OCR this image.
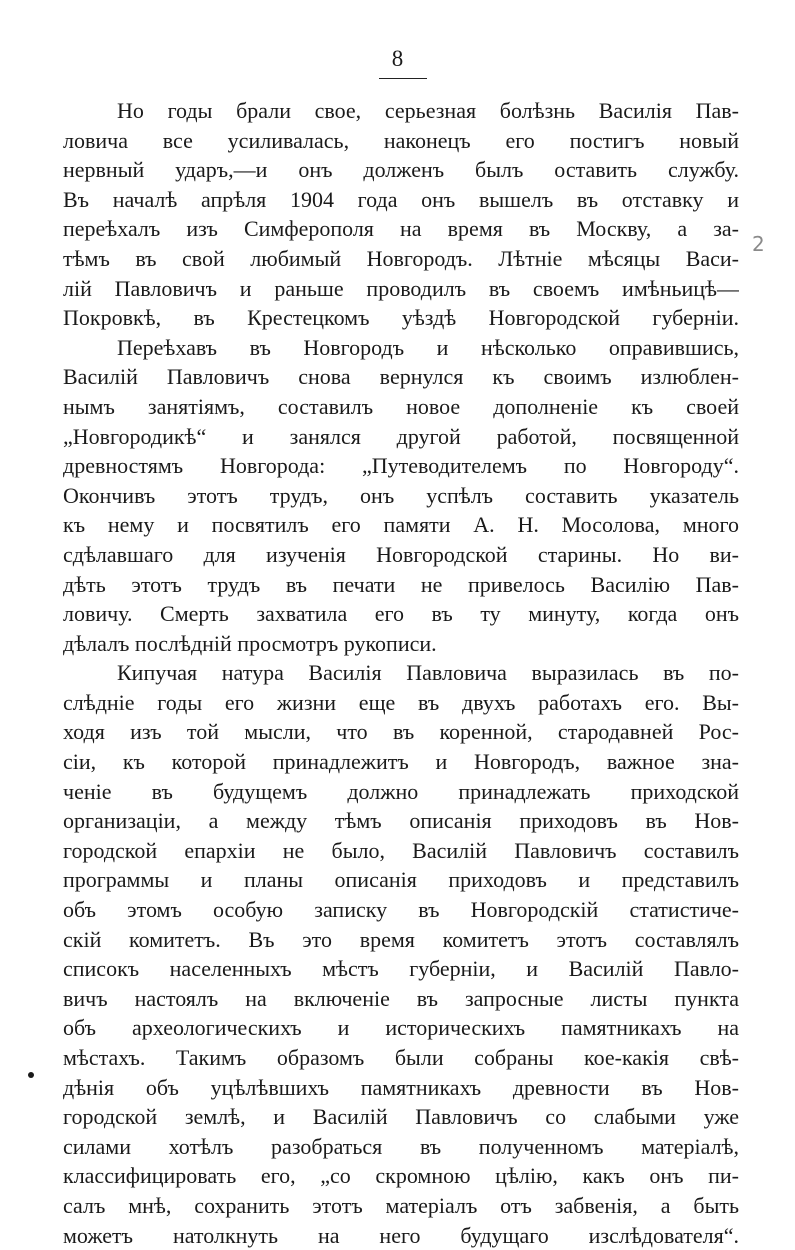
8
2
Но годы брали свое, серьезная болѣзнь Василія Пав-
ловича все усиливалась, наконецъ его постигъ новый
нервный ударъ,—и онъ долженъ былъ оставить службу.
Въ началѣ апрѣля 1904 года онъ вышелъ въ отставку и
переѣхалъ изъ Симферополя на время въ Москву, а за-
тѣмъ въ свой любимый Новгородъ. Лѣтніе мѣсяцы Васи-
лій Павловичъ и раньше проводилъ въ своемъ имѣньицѣ—
Покровкѣ, въ Крестецкомъ уѣздѣ Новгородской губерніи.
Переѣхавъ въ Новгородъ и нѣсколько оправившись,
Василій Павловичъ снова вернулся къ своимъ излюблен-
нымъ занятіямъ, составилъ новое дополненіе къ своей
„Новгородикѣ“ и занялся другой работой, посвященной
древностямъ Новгорода: „Путеводителемъ по Новгороду“.
Окончивъ этотъ трудъ, онъ успѣлъ составить указатель
къ нему и посвятилъ его памяти А. Н. Мосолова, много
сдѣлавшаго для изученія Новгородской старины. Но ви-
дѣть этотъ трудъ въ печати не привелось Василію Пав-
ловичу. Смерть захватила его въ ту минуту, когда онъ
дѣлалъ послѣдній просмотръ рукописи.
Кипучая натура Василія Павловича выразилась въ по-
слѣдніе годы его жизни еще въ двухъ работахъ его. Вы-
ходя изъ той мысли, что въ коренной, стародавней Рос-
сіи, къ которой принадлежитъ и Новгородъ, важное зна-
ченіе въ будущемъ должно принадлежать приходской
организаціи, а между тѣмъ описанія приходовъ въ Нов-
городской епархіи не было, Василій Павловичъ составилъ
программы и планы описанія приходовъ и представилъ
объ этомъ особую записку въ Новгородскій статистиче-
скій комитетъ. Въ это время комитетъ этотъ составлялъ
списокъ населенныхъ мѣстъ губерніи, и Василій Павло-
вичъ настоялъ на включеніе въ запросные листы пункта
объ археологическихъ и историческихъ памятникахъ на
мѣстахъ. Такимъ образомъ были собраны кое-какія свѣ-
дѣнія объ уцѣлѣвшихъ памятникахъ древности въ Нов-
городской землѣ, и Василій Павловичъ со слабыми уже
силами хотѣлъ разобраться въ полученномъ матеріалѣ,
классифицировать его, „со скромною цѣлію, какъ онъ пи-
салъ мнѣ, сохранить этотъ матеріалъ отъ забвенія, а быть
можетъ натолкнуть на него будущаго изслѣдователя“.
